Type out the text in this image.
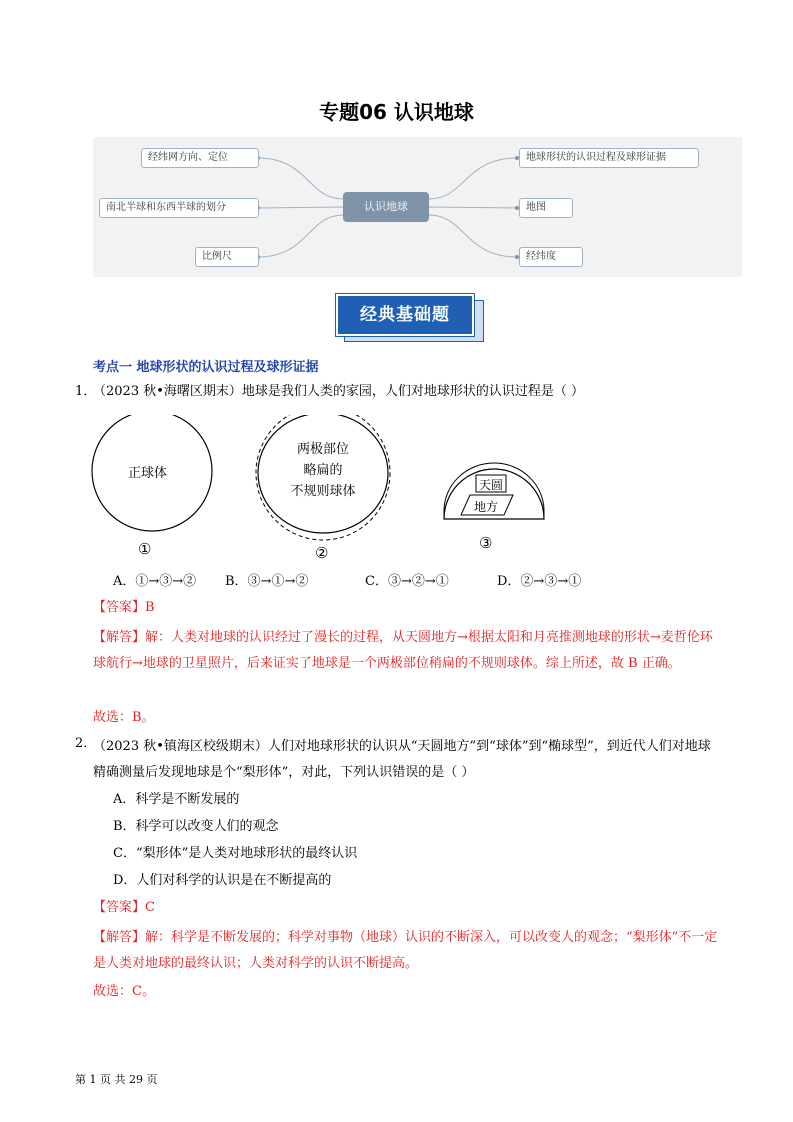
专题06 认识地球
经纬网方向、定位
南北半球和东西半球的划分
比例尺
认识地球
地球形状的认识过程及球形证据
地图
经纬度
经典基础题
考点一 地球形状的认识过程及球形证据
1．
（2023 秋•海曙区期末）地球是我们人类的家园，人们对地球形状的认识过程是（ ）
正球体
两极部位
略扁的
不规则球体	天圆
地方
①	②
③
A．①→③→② B．③→①→②	C．③→②→①	D．②→③→①
【答案】B
【解答】解：人类对地球的认识经过了漫长的过程，从天圆地方→根据太阳和月亮推测地球的形状→麦哲伦环球航行→地球的卫星照片，后来证实了地球是一个两极部位稍扁的不规则球体。综上所述，故 B 正确。
故选：B。
2．
（2023 秋•镇海区校级期末）人们对地球形状的认识从“天圆地方”到“球体”到“椭球型”，到近代人们对地球精确测量后发现地球是个“梨形体”，对此，下列认识错误的是（ ）
A．科学是不断发展的
B．科学可以改变人们的观念
C．“梨形体”是人类对地球形状的最终认识
D．人们对科学的认识是在不断提高的
【答案】C
【解答】解：科学是不断发展的；科学对事物（地球）认识的不断深入，可以改变人的观念；“梨形体”不一定是人类对地球的最终认识；人类对科学的认识不断提高。
故选：C。
第 1 页 共 29 页
